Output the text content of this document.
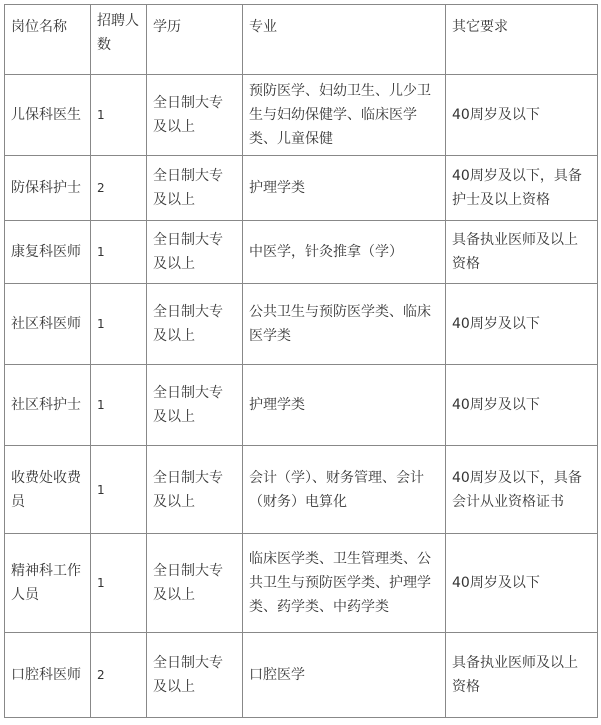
岗位名称	招聘人数	学历	专业	其它要求
儿保科医生	1	全日制大专及以上	预防医学、妇幼卫生、儿少卫生与妇幼保健学、临床医学类、儿童保健	40周岁及以下
防保科护士	2	全日制大专及以上	护理学类	40周岁及以下，具备护士及以上资格
康复科医师	1	全日制大专及以上	中医学，针灸推拿（学）	具备执业医师及以上资格
社区科医师	1	全日制大专及以上	公共卫生与预防医学类、临床医学类	40周岁及以下
社区科护士	1	全日制大专及以上	护理学类	40周岁及以下
收费处收费员	1	全日制大专及以上	会计（学）、财务管理、会计（财务）电算化	40周岁及以下，具备会计从业资格证书
精神科工作人员	1	全日制大专及以上	临床医学类、卫生管理类、公共卫生与预防医学类、护理学类、药学类、中药学类	40周岁及以下
口腔科医师	2	全日制大专及以上	口腔医学	具备执业医师及以上资格
